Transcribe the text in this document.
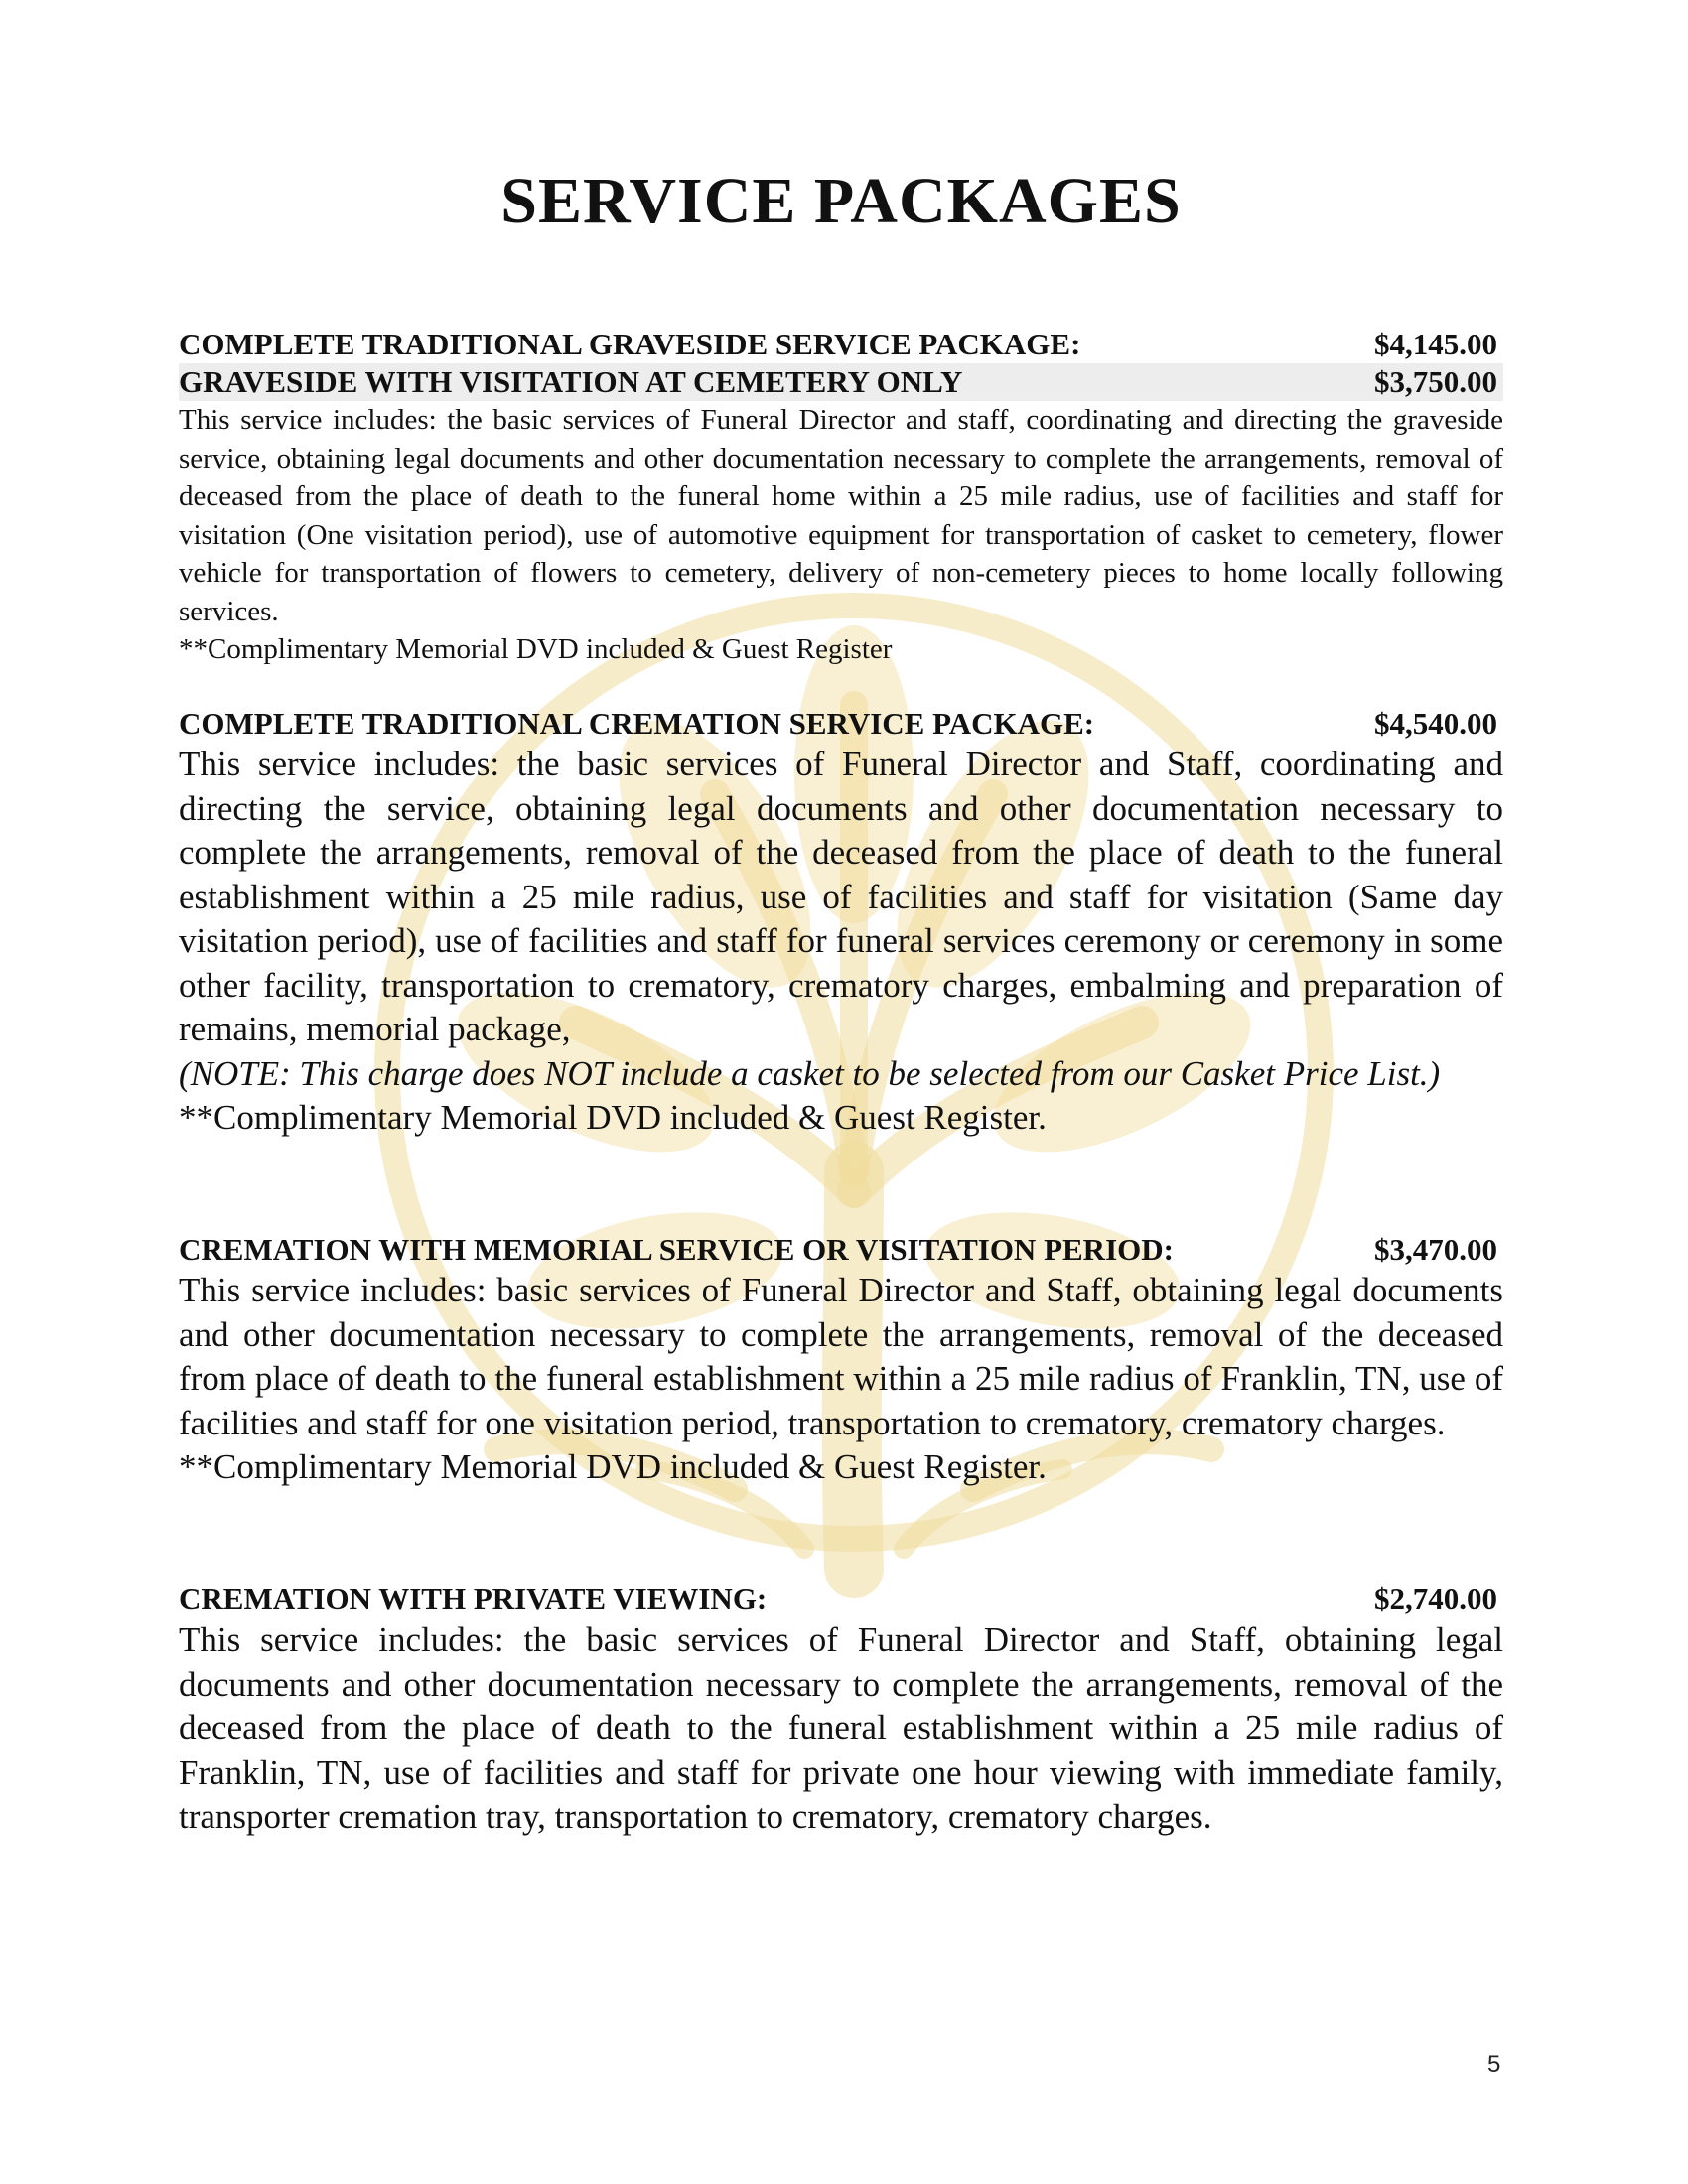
SERVICE PACKAGES
COMPLETE TRADITIONAL GRAVESIDE SERVICE PACKAGE:	$4,145.00
GRAVESIDE WITH VISITATION AT CEMETERY ONLY	$3,750.00

This service includes: the basic services of Funeral Director and staff, coordinating and directing the graveside service, obtaining legal documents and other documentation necessary to complete the arrangements, removal of deceased from the place of death to the funeral home within a 25 mile radius, use of facilities and staff for visitation (One visitation period), use of automotive equipment for transportation of casket to cemetery, flower vehicle for transportation of flowers to cemetery, delivery of non-cemetery pieces to home locally following services.

**Complimentary Memorial DVD included & Guest Register

COMPLETE TRADITIONAL CREMATION SERVICE PACKAGE:	$4,540.00

This service includes: the basic services of Funeral Director and Staff, coordinating and directing the service, obtaining legal documents and other documentation necessary to complete the arrangements, removal of the deceased from the place of death to the funeral establishment within a 25 mile radius, use of facilities and staff for visitation (Same day visitation period), use of facilities and staff for funeral services ceremony or ceremony in some other facility, transportation to crematory, crematory charges, embalming and preparation of remains, memorial package,

(NOTE: This charge does NOT include a casket to be selected from our Casket Price List.)

**Complimentary Memorial DVD included & Guest Register.

CREMATION WITH MEMORIAL SERVICE OR VISITATION PERIOD:	$3,470.00

This service includes: basic services of Funeral Director and Staff, obtaining legal documents and other documentation necessary to complete the arrangements, removal of the deceased from place of death to the funeral establishment within a 25 mile radius of Franklin, TN, use of facilities and staff for one visitation period, transportation to crematory, crematory charges.

**Complimentary Memorial DVD included & Guest Register.

CREMATION WITH PRIVATE VIEWING:	$2,740.00

This service includes: the basic services of Funeral Director and Staff, obtaining legal documents and other documentation necessary to complete the arrangements, removal of the deceased from the place of death to the funeral establishment within a 25 mile radius of Franklin, TN, use of facilities and staff for private one hour viewing with immediate family, transporter cremation tray, transportation to crematory, crematory charges.

5
